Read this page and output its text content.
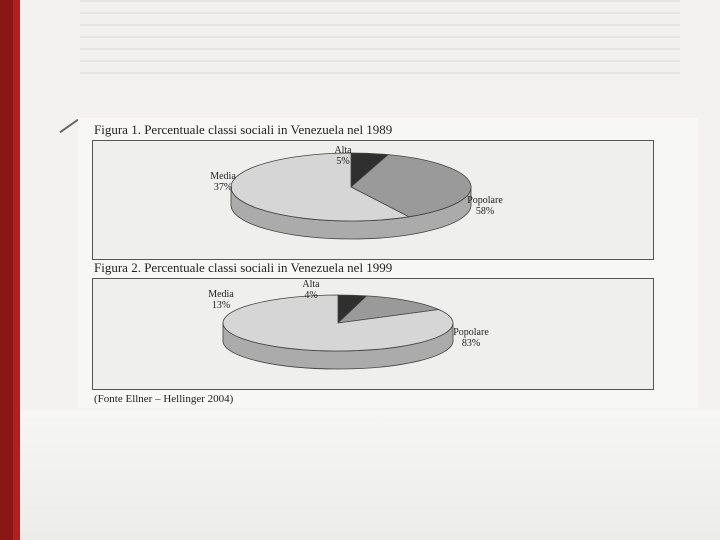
Figura 1. Percentuale classi sociali in Venezuela nel 1989
Alta 5%
Media 37%
Popolare 58%
Figura 2. Percentuale classi sociali in Venezuela nel 1999
Alta 4%
Media 13%
Popolare 83%
(Fonte Ellner – Hellinger 2004)
